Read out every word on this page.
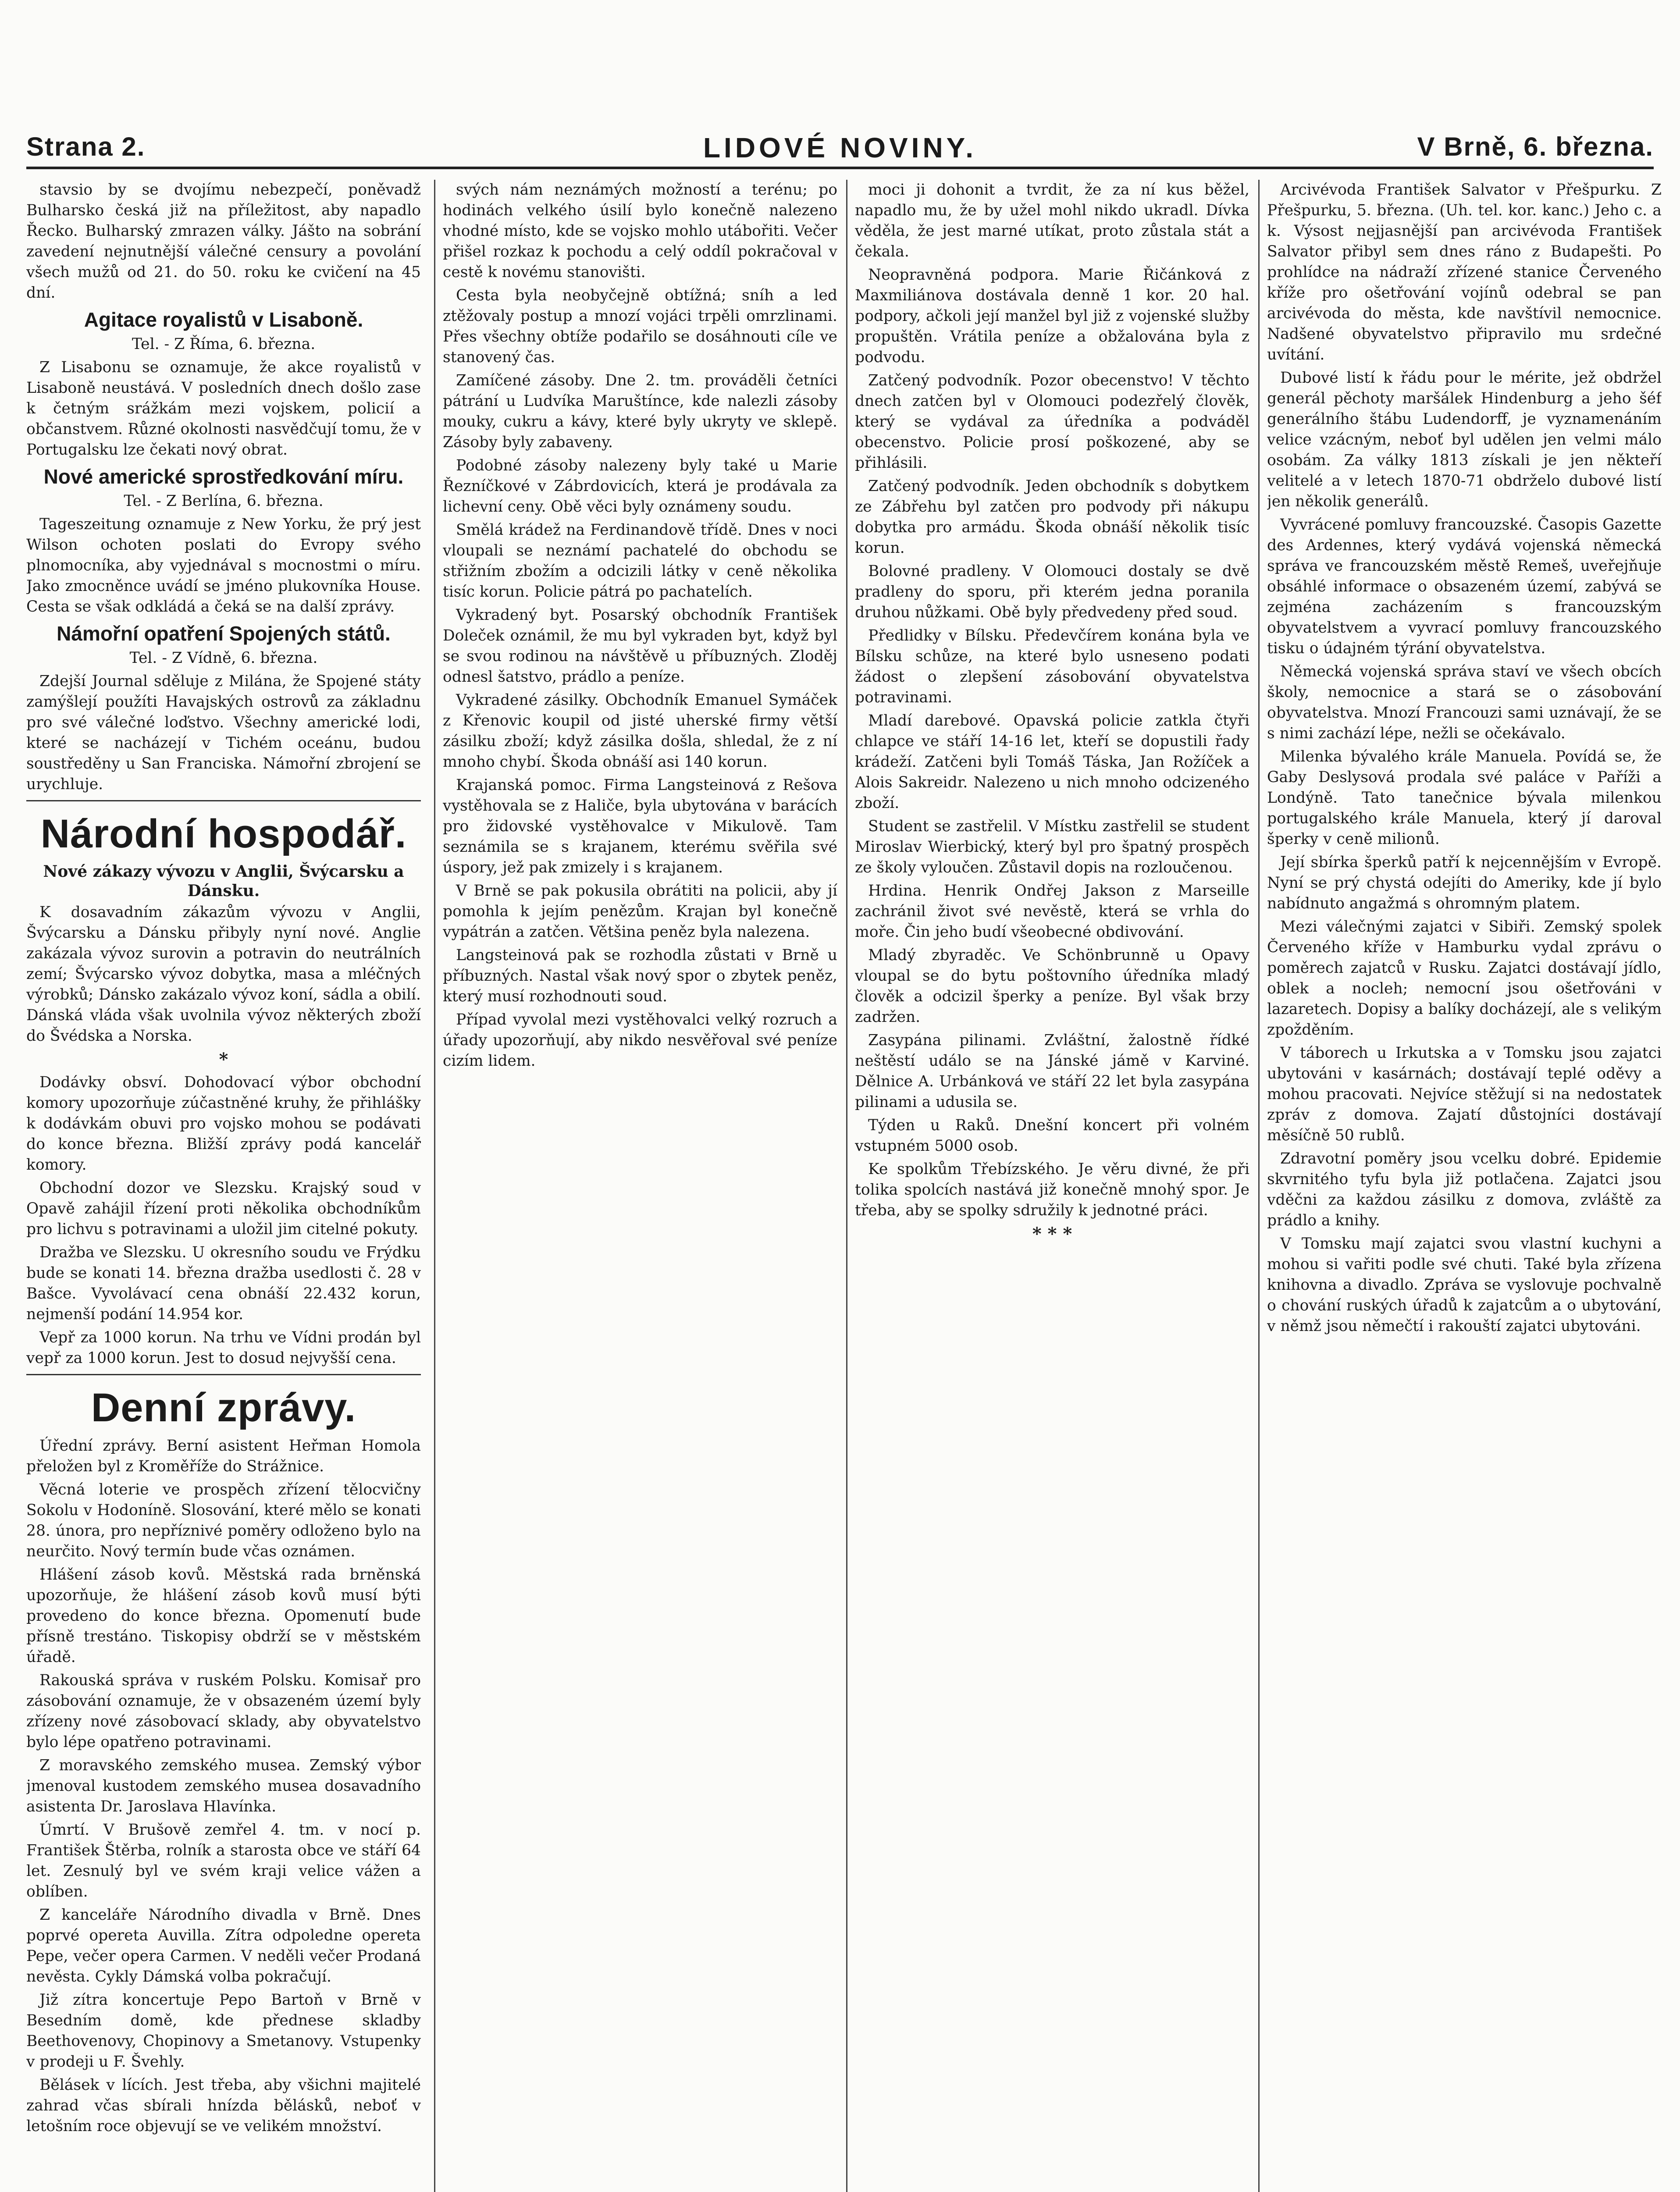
Strana 2.	LIDOVÉ NOVINY.	V Brně, 6. března.

stavsio by se dvojímu nebezpečí, poněvadž Bulharsko česká již na příležitost, aby napadlo Řecko. Bulharský zmrazen války. Jášto na sobrání zavedení nejnutnější válečné censury a povolání všech mužů od 21. do 50. roku ke cvičení na 45 dní.

Agitace royalistů v Lisaboně.

Tel. - Z Říma, 6. března.

Z Lisabonu se oznamuje, že akce royalistů v Lisaboně neustává. V posledních dnech došlo zase k četným srážkám mezi vojskem, policií a občanstvem. Různé okolnosti nasvědčují tomu, že v Portugalsku lze čekati nový obrat.

Nové americké sprostředkování míru.

Tel. - Z Berlína, 6. března.

Tageszeitung oznamuje z New Yorku, že prý jest Wilson ochoten poslati do Evropy svého plnomocníka, aby vyjednával s mocnostmi o míru. Jako zmocněnce uvádí se jméno plukovníka House. Cesta se však odkládá a čeká se na další zprávy.

Námořní opatření Spojených států.

Tel. - Z Vídně, 6. března.

Zdejší Journal sděluje z Milána, že Spojené státy zamýšlejí použíti Havajských ostrovů za základnu pro své válečné loďstvo. Všechny americké lodi, které se nacházejí v Tichém oceánu, budou soustředěny u San Franciska. Námořní zbrojení se urychluje.

Národní hospodář.
Nové zákazy vývozu v Anglii, Švýcarsku a Dánsku.

K dosavadním zákazům vývozu v Anglii, Švýcarsku a Dánsku přibyly nyní nové. Anglie zakázala vývoz surovin a potravin do neutrálních zemí; Švýcarsko vývoz dobytka, masa a mléčných výrobků; Dánsko zakázalo vývoz koní, sádla a obilí. Dánská vláda však uvolnila vývoz některých zboží do Švédska a Norska.

*

Dodávky obsví. Dohodovací výbor obchodní komory upozorňuje zúčastněné kruhy, že přihlášky k dodávkám obuvi pro vojsko mohou se podávati do konce března. Bližší zprávy podá kancelář komory.

Obchodní dozor ve Slezsku. Krajský soud v Opavě zahájil řízení proti několika obchodníkům pro lichvu s potravinami a uložil jim citelné pokuty.

Dražba ve Slezsku. U okresního soudu ve Frýdku bude se konati 14. března dražba usedlosti č. 28 v Bašce. Vyvolávací cena obnáší 22.432 korun, nejmenší podání 14.954 kor.

Vepř za 1000 korun. Na trhu ve Vídni prodán byl vepř za 1000 korun. Jest to dosud nejvyšší cena.

Denní zprávy.

Úřední zprávy. Berní asistent Heřman Homola přeložen byl z Kroměříže do Strážnice.

Věcná loterie ve prospěch zřízení tělocvičny Sokolu v Hodoníně. Slosování, které mělo se konati 28. února, pro nepříznivé poměry odloženo bylo na neurčito. Nový termín bude včas oznámen.

Hlášení zásob kovů. Městská rada brněnská upozorňuje, že hlášení zásob kovů musí býti provedeno do konce března. Opomenutí bude přísně trestáno. Tiskopisy obdrží se v městském úřadě.

Rakouská správa v ruském Polsku. Komisař pro zásobování oznamuje, že v obsazeném území byly zřízeny nové zásobovací sklady, aby obyvatelstvo bylo lépe opatřeno potravinami.

Z moravského zemského musea. Zemský výbor jmenoval kustodem zemského musea dosavadního asistenta Dr. Jaroslava Hlavínka.

Úmrtí. V Brušově zemřel 4. tm. v nocí p. František Štěrba, rolník a starosta obce ve stáří 64 let. Zesnulý byl ve svém kraji velice vážen a oblíben.

Z kanceláře Národního divadla v Brně. Dnes poprvé opereta Auvilla. Zítra odpoledne opereta Pepe, večer opera Carmen. V neděli večer Prodaná nevěsta. Cykly Dámská volba pokračují.

Již zítra koncertuje Pepo Bartoň v Brně v Besedním domě, kde přednese skladby Beethovenovy, Chopinovy a Smetanovy. Vstupenky v prodeji u F. Švehly.

Bělásek v lících. Jest třeba, aby všichni majitelé zahrad včas sbírali hnízda bělásků, neboť v letošním roce objevují se ve velikém množství.

svých nám neznámých možností a terénu; po hodinách velkého úsilí bylo konečně nalezeno vhodné místo, kde se vojsko mohlo utábořiti. Večer přišel rozkaz k pochodu a celý oddíl pokračoval v cestě k novému stanovišti.

Cesta byla neobyčejně obtížná; sníh a led ztěžovaly postup a mnozí vojáci trpěli omrzlinami. Přes všechny obtíže podařilo se dosáhnouti cíle ve stanovený čas.

Zamíčené zásoby. Dne 2. tm. prováděli četníci pátrání u Ludvíka Maruštínce, kde nalezli zásoby mouky, cukru a kávy, které byly ukryty ve sklepě. Zásoby byly zabaveny.

Podobné zásoby nalezeny byly také u Marie Řezníčkové v Zábrdovicích, která je prodávala za lichevní ceny. Obě věci byly oznámeny soudu.

Smělá krádež na Ferdinandově třídě. Dnes v noci vloupali se neznámí pachatelé do obchodu se střižním zbožím a odcizili látky v ceně několika tisíc korun. Policie pátrá po pachatelích.

Vykradený byt. Posarský obchodník František Doleček oznámil, že mu byl vykraden byt, když byl se svou rodinou na návštěvě u příbuzných. Zloděj odnesl šatstvo, prádlo a peníze.

Vykradené zásilky. Obchodník Emanuel Symáček z Křenovic koupil od jisté uherské firmy větší zásilku zboží; když zásilka došla, shledal, že z ní mnoho chybí. Škoda obnáší asi 140 korun.

Krajanská pomoc. Firma Langsteinová z Rešova vystěhovala se z Haliče, byla ubytována v barácích pro židovské vystěhovalce v Mikulově. Tam seznámila se s krajanem, kterému svěřila své úspory, jež pak zmizely i s krajanem.

V Brně se pak pokusila obrátiti na policii, aby jí pomohla k jejím penězům. Krajan byl konečně vypátrán a zatčen. Většina peněz byla nalezena.

Langsteinová pak se rozhodla zůstati v Brně u příbuzných. Nastal však nový spor o zbytek peněz, který musí rozhodnouti soud.

Případ vyvolal mezi vystěhovalci velký rozruch a úřady upozorňují, aby nikdo nesvěřoval své peníze cizím lidem.

moci ji dohonit a tvrdit, že za ní kus běžel, napadlo mu, že by užel mohl nikdo ukradl. Dívka věděla, že jest marné utíkat, proto zůstala stát a čekala.

Neopravněná podpora. Marie Řičánková z Maxmiliánova dostávala denně 1 kor. 20 hal. podpory, ačkoli její manžel byl již z vojenské služby propuštěn. Vrátila peníze a obžalována byla z podvodu.

Zatčený podvodník. Pozor obecenstvo! V těchto dnech zatčen byl v Olomouci podezřelý člověk, který se vydával za úředníka a podváděl obecenstvo. Policie prosí poškozené, aby se přihlásili.

Zatčený podvodník. Jeden obchodník s dobytkem ze Zábřehu byl zatčen pro podvody při nákupu dobytka pro armádu. Škoda obnáší několik tisíc korun.

Bolovné pradleny. V Olomouci dostaly se dvě pradleny do sporu, při kterém jedna poranila druhou nůžkami. Obě byly předvedeny před soud.

Předlidky v Bílsku. Předevčírem konána byla ve Bílsku schůze, na které bylo usneseno podati žádost o zlepšení zásobování obyvatelstva potravinami.

Mladí darebové. Opavská policie zatkla čtyři chlapce ve stáří 14-16 let, kteří se dopustili řady krádeží. Zatčeni byli Tomáš Táska, Jan Rožíček a Alois Sakreidr. Nalezeno u nich mnoho odcizeného zboží.

Student se zastřelil. V Místku zastřelil se student Miroslav Wierbický, který byl pro špatný prospěch ze školy vyloučen. Zůstavil dopis na rozloučenou.

Hrdina. Henrik Ondřej Jakson z Marseille zachránil život své nevěstě, která se vrhla do moře. Čin jeho budí všeobecné obdivování.

Mladý zbyraděc. Ve Schönbrunně u Opavy vloupal se do bytu poštovního úředníka mladý člověk a odcizil šperky a peníze. Byl však brzy zadržen.

Zasypána pilinami. Zvláštní, žalostně řídké neštěstí událo se na Jánské jámě v Karviné. Dělnice A. Urbánková ve stáří 22 let byla zasypána pilinami a udusila se.

Týden u Raků. Dnešní koncert při volném vstupném 5000 osob.

Ke spolkům Třebízského. Je věru divné, že při tolika spolcích nastává již konečně mnohý spor. Je třeba, aby se spolky sdružily k jednotné práci.

* * *

Arcivévoda František Salvator v Přešpurku. Z Přešpurku, 5. března. (Uh. tel. kor. kanc.) Jeho c. a k. Výsost nejjasnější pan arcivévoda František Salvator přibyl sem dnes ráno z Budapešti. Po prohlídce na nádraží zřízené stanice Červeného kříže pro ošetřování vojínů odebral se pan arcivévoda do města, kde navštívil nemocnice. Nadšené obyvatelstvo připravilo mu srdečné uvítání.

Dubové listí k řádu pour le mérite, jež obdržel generál pěchoty maršálek Hindenburg a jeho šéf generálního štábu Ludendorff, je vyznamenáním velice vzácným, neboť byl udělen jen velmi málo osobám. Za války 1813 získali je jen někteří velitelé a v letech 1870-71 obdrželo dubové listí jen několik generálů.

Vyvrácené pomluvy francouzské. Časopis Gazette des Ardennes, který vydává vojenská německá správa ve francouzském městě Remeš, uveřejňuje obsáhlé informace o obsazeném území, zabývá se zejména zacházením s francouzským obyvatelstvem a vyvrací pomluvy francouzského tisku o údajném týrání obyvatelstva.

Německá vojenská správa staví ve všech obcích školy, nemocnice a stará se o zásobování obyvatelstva. Mnozí Francouzi sami uznávají, že se s nimi zachází lépe, nežli se očekávalo.

Milenka bývalého krále Manuela. Povídá se, že Gaby Deslysová prodala své paláce v Paříži a Londýně. Tato tanečnice bývala milenkou portugalského krále Manuela, který jí daroval šperky v ceně milionů.

Její sbírka šperků patří k nejcennějším v Evropě. Nyní se prý chystá odejíti do Ameriky, kde jí bylo nabídnuto angažmá s ohromným platem.

Mezi válečnými zajatci v Sibiři. Zemský spolek Červeného kříže v Hamburku vydal zprávu o poměrech zajatců v Rusku. Zajatci dostávají jídlo, oblek a nocleh; nemocní jsou ošetřováni v lazaretech. Dopisy a balíky docházejí, ale s velikým zpožděním.

V táborech u Irkutska a v Tomsku jsou zajatci ubytováni v kasárnách; dostávají teplé oděvy a mohou pracovati. Nejvíce stěžují si na nedostatek zpráv z domova. Zajatí důstojníci dostávají měsíčně 50 rublů.

Zdravotní poměry jsou vcelku dobré. Epidemie skvrnitého tyfu byla již potlačena. Zajatci jsou vděčni za každou zásilku z domova, zvláště za prádlo a knihy.

V Tomsku mají zajatci svou vlastní kuchyni a mohou si vařiti podle své chuti. Také byla zřízena knihovna a divadlo. Zpráva se vyslovuje pochvalně o chování ruských úřadů k zajatcům a o ubytování, v němž jsou němečtí i rakouští zajatci ubytováni.
